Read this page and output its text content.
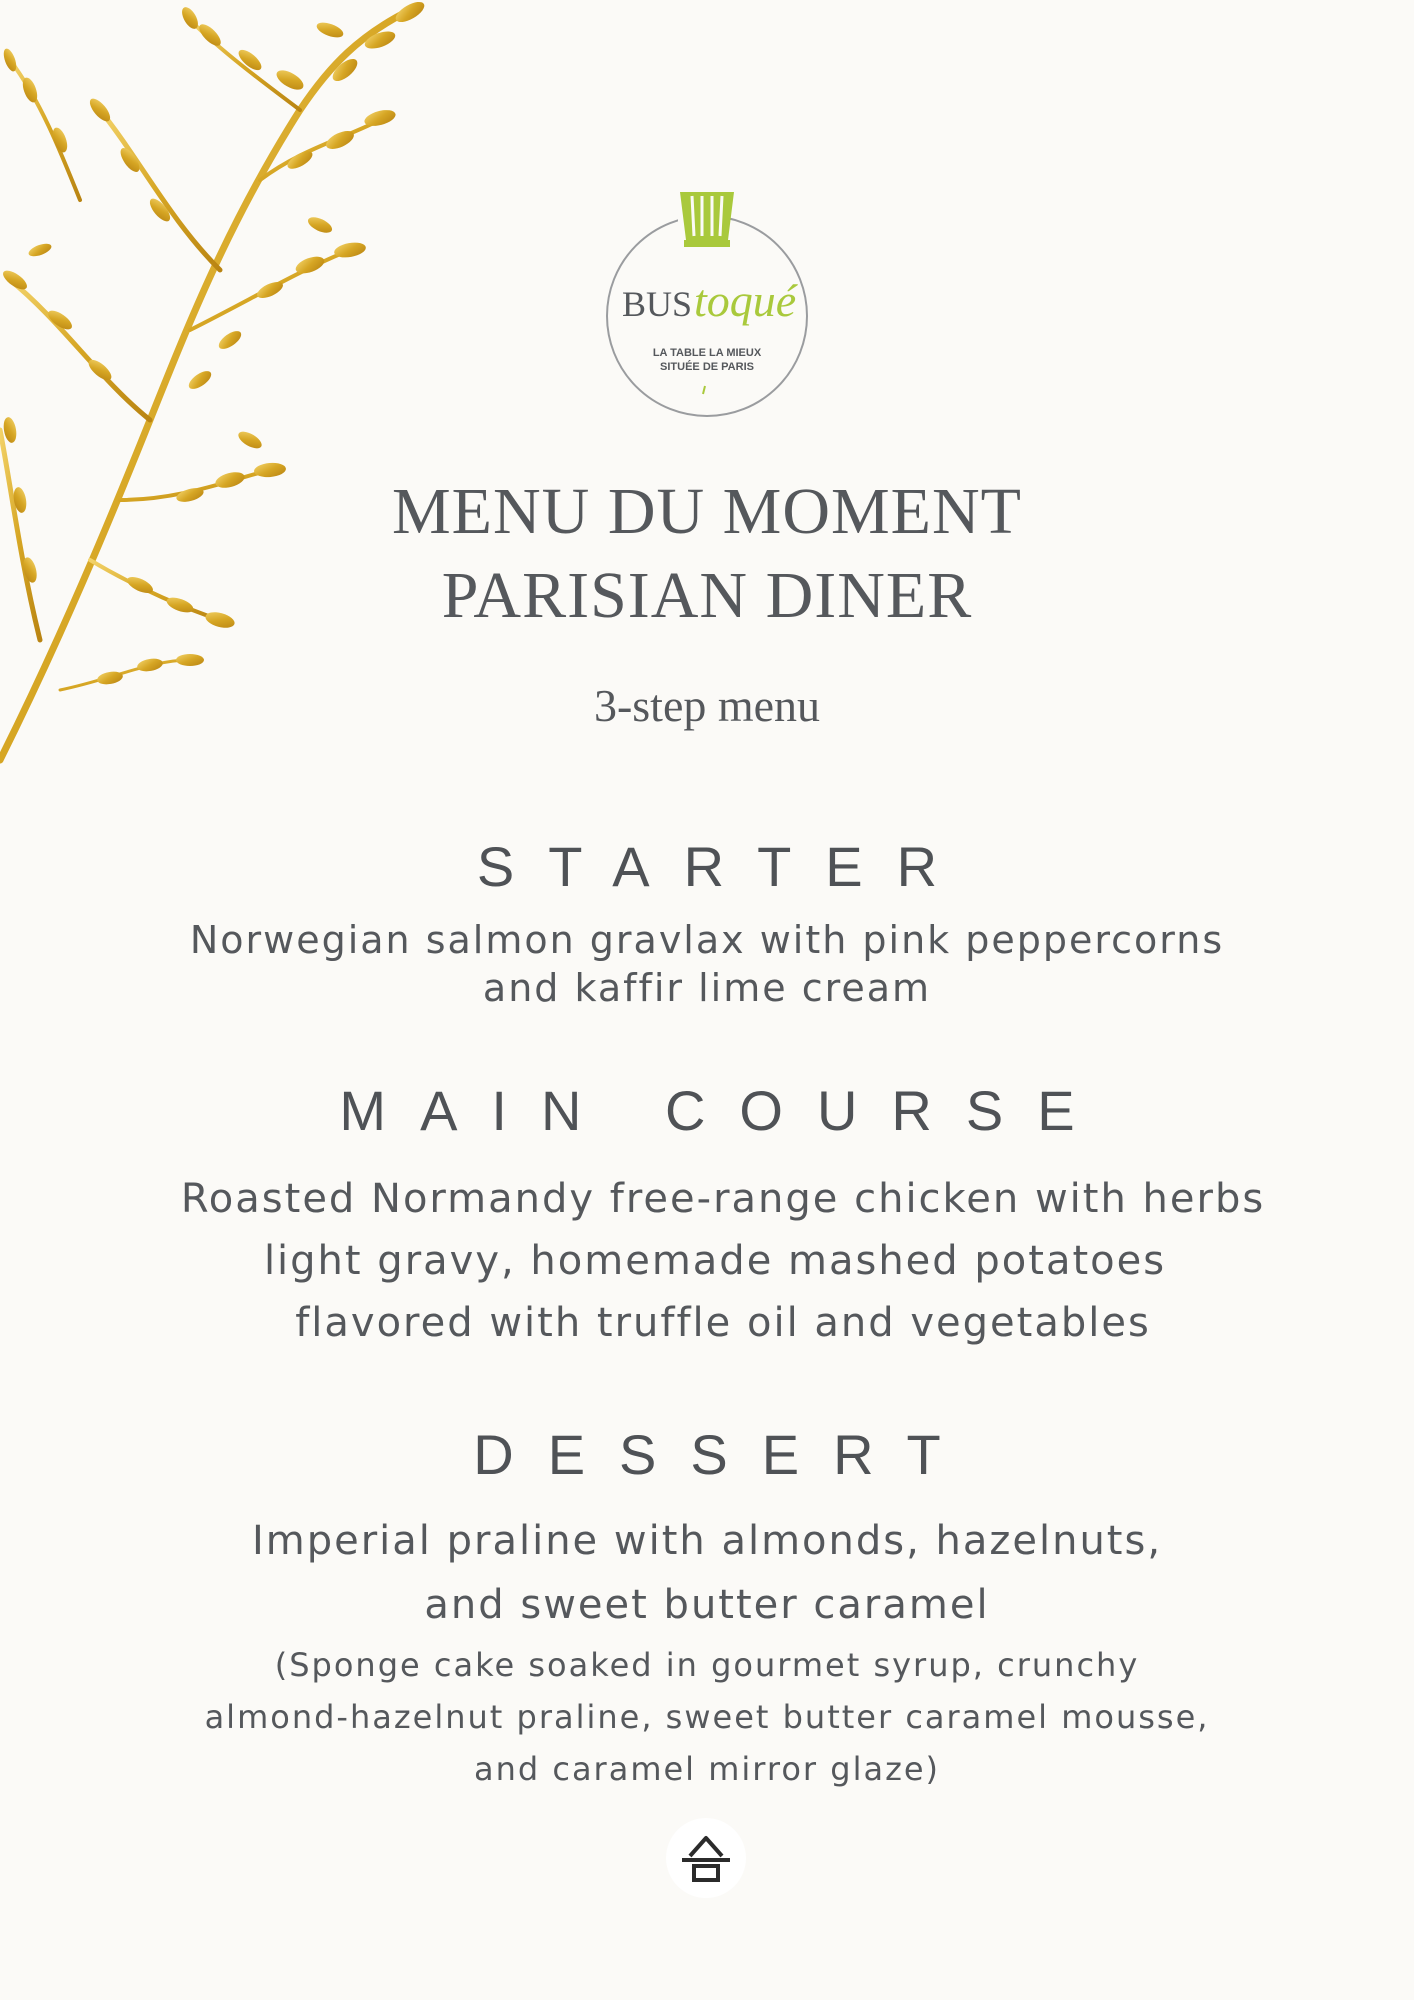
BUS toqué
LA TABLE LA MIEUX
SITUÉE DE PARIS
MENU DU MOMENT
PARISIAN DINER
3-step menu
STARTER
Norwegian salmon gravlax with pink peppercorns
and kaffir lime cream
MAIN COURSE
Roasted Normandy free-range chicken with herbs
light gravy, homemade mashed potatoes
flavored with truffle oil and vegetables
DESSERT
Imperial praline with almonds, hazelnuts,
and sweet butter caramel
(Sponge cake soaked in gourmet syrup, crunchy
almond-hazelnut praline, sweet butter caramel mousse,
and caramel mirror glaze)
